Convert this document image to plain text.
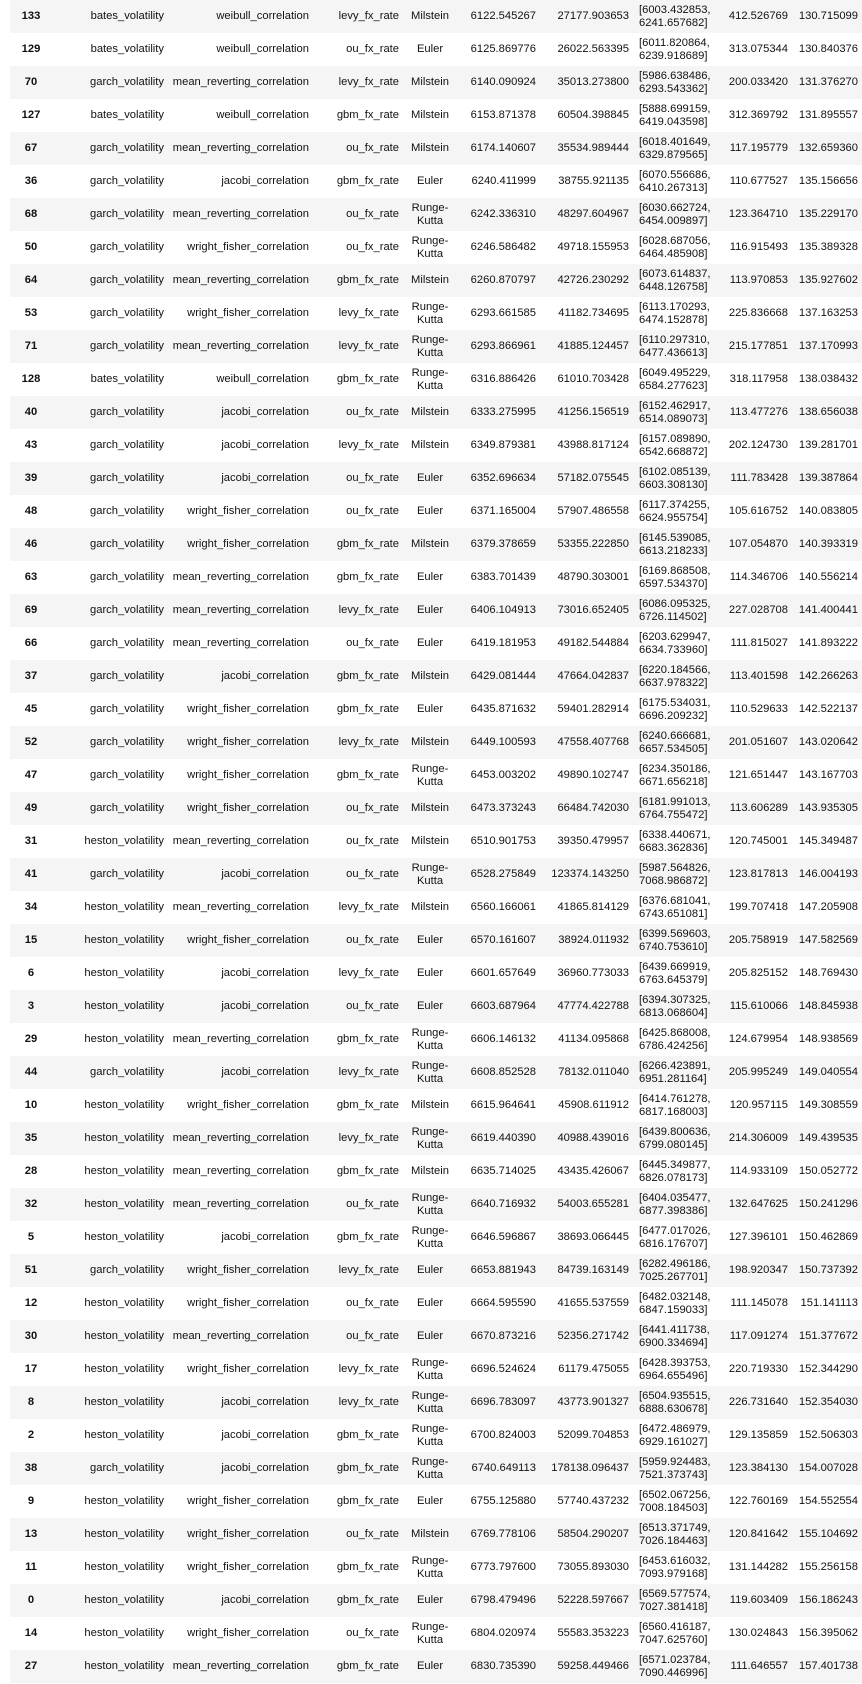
133	bates_volatility	weibull_correlation	levy_fx_rate	Milstein	6122.545267	27177.903653	[6003.432853, 6241.657682]	412.526769	130.715099
129	bates_volatility	weibull_correlation	ou_fx_rate	Euler	6125.869776	26022.563395	[6011.820864, 6239.918689]	313.075344	130.840376
70	garch_volatility	mean_reverting_correlation	levy_fx_rate	Milstein	6140.090924	35013.273800	[5986.638486, 6293.543362]	200.033420	131.376270
127	bates_volatility	weibull_correlation	gbm_fx_rate	Milstein	6153.871378	60504.398845	[5888.699159, 6419.043598]	312.369792	131.895557
67	garch_volatility	mean_reverting_correlation	ou_fx_rate	Milstein	6174.140607	35534.989444	[6018.401649, 6329.879565]	117.195779	132.659360
36	garch_volatility	jacobi_correlation	gbm_fx_rate	Euler	6240.411999	38755.921135	[6070.556686, 6410.267313]	110.677527	135.156656
68	garch_volatility	mean_reverting_correlation	ou_fx_rate	Runge-Kutta	6242.336310	48297.604967	[6030.662724, 6454.009897]	123.364710	135.229170
50	garch_volatility	wright_fisher_correlation	ou_fx_rate	Runge-Kutta	6246.586482	49718.155953	[6028.687056, 6464.485908]	116.915493	135.389328
64	garch_volatility	mean_reverting_correlation	gbm_fx_rate	Milstein	6260.870797	42726.230292	[6073.614837, 6448.126758]	113.970853	135.927602
53	garch_volatility	wright_fisher_correlation	levy_fx_rate	Runge-Kutta	6293.661585	41182.734695	[6113.170293, 6474.152878]	225.836668	137.163253
71	garch_volatility	mean_reverting_correlation	levy_fx_rate	Runge-Kutta	6293.866961	41885.124457	[6110.297310, 6477.436613]	215.177851	137.170993
128	bates_volatility	weibull_correlation	gbm_fx_rate	Runge-Kutta	6316.886426	61010.703428	[6049.495229, 6584.277623]	318.117958	138.038432
40	garch_volatility	jacobi_correlation	ou_fx_rate	Milstein	6333.275995	41256.156519	[6152.462917, 6514.089073]	113.477276	138.656038
43	garch_volatility	jacobi_correlation	levy_fx_rate	Milstein	6349.879381	43988.817124	[6157.089890, 6542.668872]	202.124730	139.281701
39	garch_volatility	jacobi_correlation	ou_fx_rate	Euler	6352.696634	57182.075545	[6102.085139, 6603.308130]	111.783428	139.387864
48	garch_volatility	wright_fisher_correlation	ou_fx_rate	Euler	6371.165004	57907.486558	[6117.374255, 6624.955754]	105.616752	140.083805
46	garch_volatility	wright_fisher_correlation	gbm_fx_rate	Milstein	6379.378659	53355.222850	[6145.539085, 6613.218233]	107.054870	140.393319
63	garch_volatility	mean_reverting_correlation	gbm_fx_rate	Euler	6383.701439	48790.303001	[6169.868508, 6597.534370]	114.346706	140.556214
69	garch_volatility	mean_reverting_correlation	levy_fx_rate	Euler	6406.104913	73016.652405	[6086.095325, 6726.114502]	227.028708	141.400441
66	garch_volatility	mean_reverting_correlation	ou_fx_rate	Euler	6419.181953	49182.544884	[6203.629947, 6634.733960]	111.815027	141.893222
37	garch_volatility	jacobi_correlation	gbm_fx_rate	Milstein	6429.081444	47664.042837	[6220.184566, 6637.978322]	113.401598	142.266263
45	garch_volatility	wright_fisher_correlation	gbm_fx_rate	Euler	6435.871632	59401.282914	[6175.534031, 6696.209232]	110.529633	142.522137
52	garch_volatility	wright_fisher_correlation	levy_fx_rate	Milstein	6449.100593	47558.407768	[6240.666681, 6657.534505]	201.051607	143.020642
47	garch_volatility	wright_fisher_correlation	gbm_fx_rate	Runge-Kutta	6453.003202	49890.102747	[6234.350186, 6671.656218]	121.651447	143.167703
49	garch_volatility	wright_fisher_correlation	ou_fx_rate	Milstein	6473.373243	66484.742030	[6181.991013, 6764.755472]	113.606289	143.935305
31	heston_volatility	mean_reverting_correlation	ou_fx_rate	Milstein	6510.901753	39350.479957	[6338.440671, 6683.362836]	120.745001	145.349487
41	garch_volatility	jacobi_correlation	ou_fx_rate	Runge-Kutta	6528.275849	123374.143250	[5987.564826, 7068.986872]	123.817813	146.004193
34	heston_volatility	mean_reverting_correlation	levy_fx_rate	Milstein	6560.166061	41865.814129	[6376.681041, 6743.651081]	199.707418	147.205908
15	heston_volatility	wright_fisher_correlation	ou_fx_rate	Euler	6570.161607	38924.011932	[6399.569603, 6740.753610]	205.758919	147.582569
6	heston_volatility	jacobi_correlation	levy_fx_rate	Euler	6601.657649	36960.773033	[6439.669919, 6763.645379]	205.825152	148.769430
3	heston_volatility	jacobi_correlation	ou_fx_rate	Euler	6603.687964	47774.422788	[6394.307325, 6813.068604]	115.610066	148.845938
29	heston_volatility	mean_reverting_correlation	gbm_fx_rate	Runge-Kutta	6606.146132	41134.095868	[6425.868008, 6786.424256]	124.679954	148.938569
44	garch_volatility	jacobi_correlation	levy_fx_rate	Runge-Kutta	6608.852528	78132.011040	[6266.423891, 6951.281164]	205.995249	149.040554
10	heston_volatility	wright_fisher_correlation	gbm_fx_rate	Milstein	6615.964641	45908.611912	[6414.761278, 6817.168003]	120.957115	149.308559
35	heston_volatility	mean_reverting_correlation	levy_fx_rate	Runge-Kutta	6619.440390	40988.439016	[6439.800636, 6799.080145]	214.306009	149.439535
28	heston_volatility	mean_reverting_correlation	gbm_fx_rate	Milstein	6635.714025	43435.426067	[6445.349877, 6826.078173]	114.933109	150.052772
32	heston_volatility	mean_reverting_correlation	ou_fx_rate	Runge-Kutta	6640.716932	54003.655281	[6404.035477, 6877.398386]	132.647625	150.241296
5	heston_volatility	jacobi_correlation	gbm_fx_rate	Runge-Kutta	6646.596867	38693.066445	[6477.017026, 6816.176707]	127.396101	150.462869
51	garch_volatility	wright_fisher_correlation	levy_fx_rate	Euler	6653.881943	84739.163149	[6282.496186, 7025.267701]	198.920347	150.737392
12	heston_volatility	wright_fisher_correlation	ou_fx_rate	Euler	6664.595590	41655.537559	[6482.032148, 6847.159033]	111.145078	151.141113
30	heston_volatility	mean_reverting_correlation	ou_fx_rate	Euler	6670.873216	52356.271742	[6441.411738, 6900.334694]	117.091274	151.377672
17	heston_volatility	wright_fisher_correlation	levy_fx_rate	Runge-Kutta	6696.524624	61179.475055	[6428.393753, 6964.655496]	220.719330	152.344290
8	heston_volatility	jacobi_correlation	levy_fx_rate	Runge-Kutta	6696.783097	43773.901327	[6504.935515, 6888.630678]	226.731640	152.354030
2	heston_volatility	jacobi_correlation	gbm_fx_rate	Runge-Kutta	6700.824003	52099.704853	[6472.486979, 6929.161027]	129.135859	152.506303
38	garch_volatility	jacobi_correlation	gbm_fx_rate	Runge-Kutta	6740.649113	178138.096437	[5959.924483, 7521.373743]	123.384130	154.007028
9	heston_volatility	wright_fisher_correlation	gbm_fx_rate	Euler	6755.125880	57740.437232	[6502.067256, 7008.184503]	122.760169	154.552554
13	heston_volatility	wright_fisher_correlation	ou_fx_rate	Milstein	6769.778106	58504.290207	[6513.371749, 7026.184463]	120.841642	155.104692
11	heston_volatility	wright_fisher_correlation	gbm_fx_rate	Runge-Kutta	6773.797600	73055.893030	[6453.616032, 7093.979168]	131.144282	155.256158
0	heston_volatility	jacobi_correlation	gbm_fx_rate	Euler	6798.479496	52228.597667	[6569.577574, 7027.381418]	119.603409	156.186243
14	heston_volatility	wright_fisher_correlation	ou_fx_rate	Runge-Kutta	6804.020974	55583.353223	[6560.416187, 7047.625760]	130.024843	156.395062
27	heston_volatility	mean_reverting_correlation	gbm_fx_rate	Euler	6830.735390	59258.449466	[6571.023784, 7090.446996]	111.646557	157.401738
